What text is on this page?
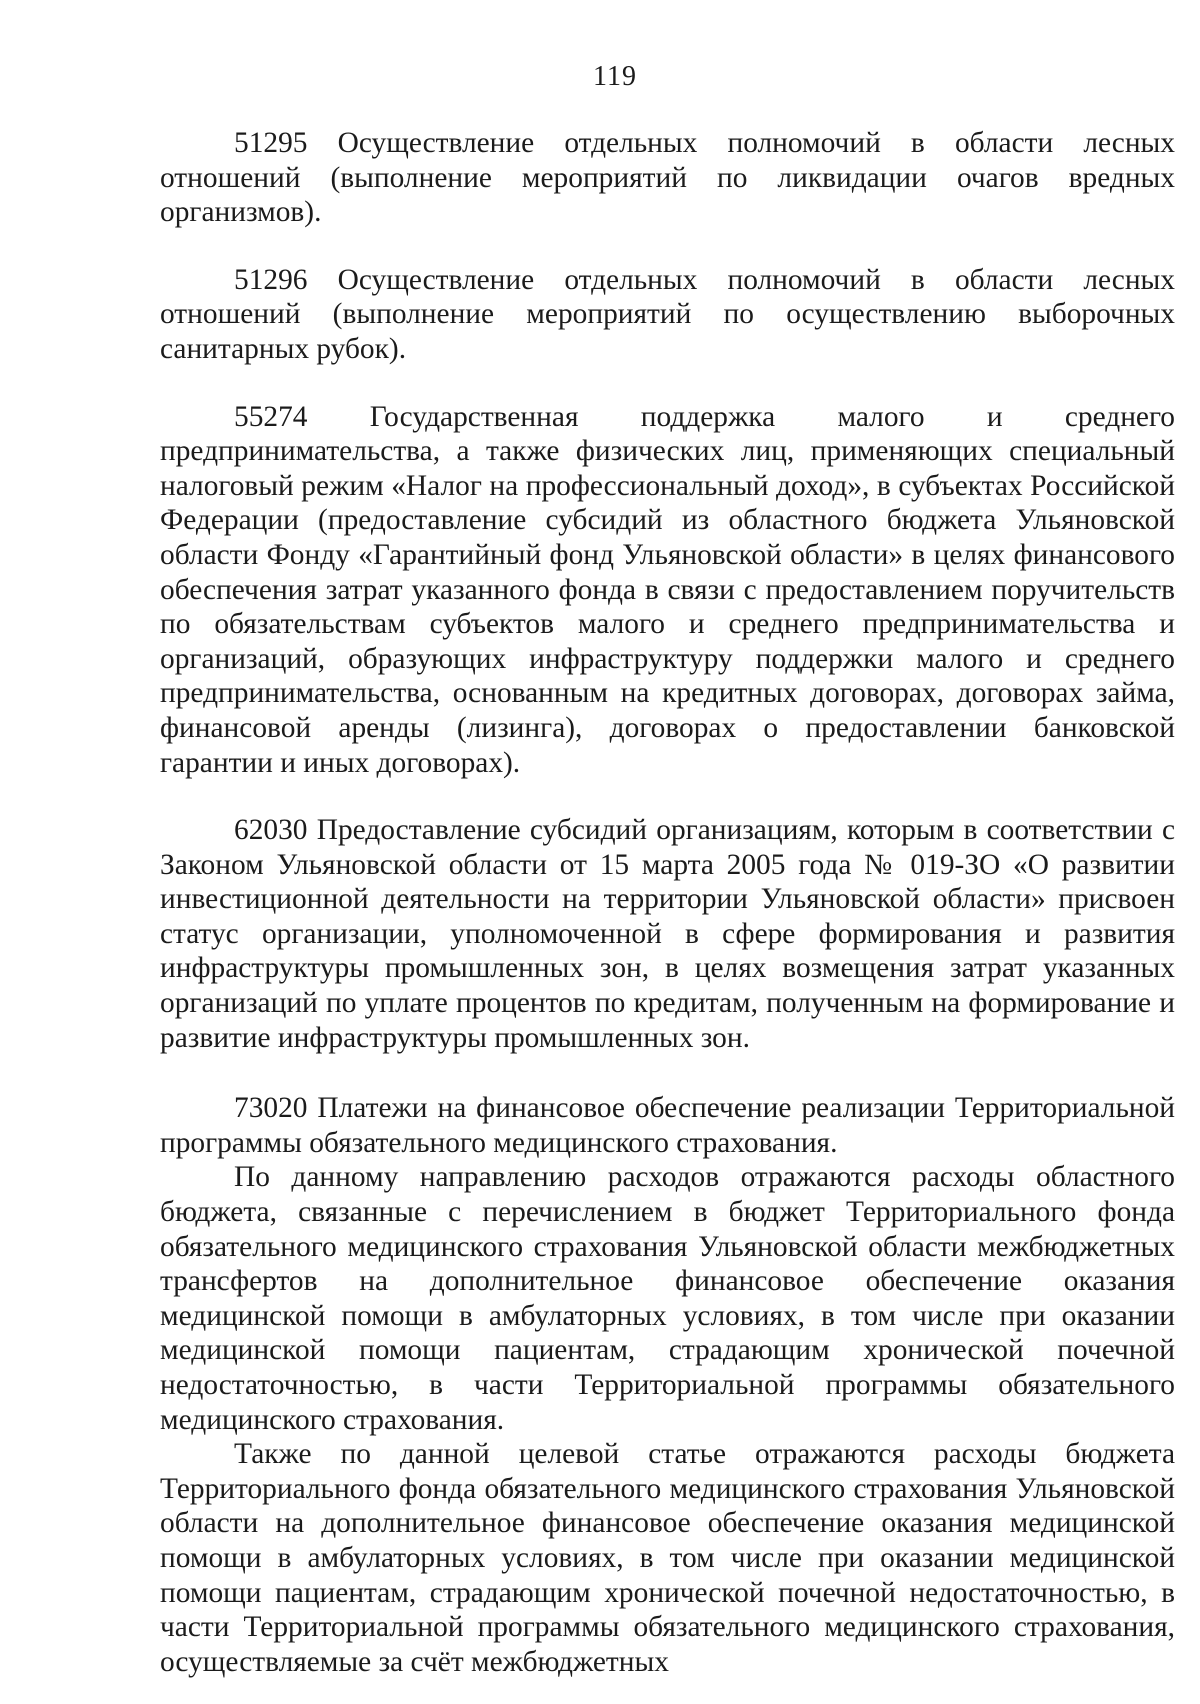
119

51295 Осуществление отдельных полномочий в области лесных отношений (выполнение мероприятий по ликвидации очагов вредных организмов).

51296 Осуществление отдельных полномочий в области лесных отношений (выполнение мероприятий по осуществлению выборочных санитарных рубок).

55274 Государственная поддержка малого и среднего предпринимательства, а также физических лиц, применяющих специальный налоговый режим «Налог на профессиональный доход», в субъектах Российской Федерации (предоставление субсидий из областного бюджета Ульяновской области Фонду «Гарантийный фонд Ульяновской области» в целях финансового обеспечения затрат указанного фонда в связи с предоставлением поручительств по обязательствам субъектов малого и среднего предпринимательства и организаций, образующих инфраструктуру поддержки малого и среднего предпринимательства, основанным на кредитных договорах, договорах займа, финансовой аренды (лизинга), договорах о предоставлении банковской гарантии и иных договорах).

62030 Предоставление субсидий организациям, которым в соответствии с Законом Ульяновской области от 15 марта 2005 года № 019-ЗО «О развитии инвестиционной деятельности на территории Ульяновской области» присвоен статус организации, уполномоченной в сфере формирования и развития инфраструктуры промышленных зон, в целях возмещения затрат указанных организаций по уплате процентов по кредитам, полученным на формирование и развитие инфраструктуры промышленных зон.

73020 Платежи на финансовое обеспечение реализации Территориальной программы обязательного медицинского страхования.

По данному направлению расходов отражаются расходы областного бюджета, связанные с перечислением в бюджет Территориального фонда обязательного медицинского страхования Ульяновской области межбюджетных трансфертов на дополнительное финансовое обеспечение оказания медицинской помощи в амбулаторных условиях, в том числе при оказании медицинской помощи пациентам, страдающим хронической почечной недостаточностью, в части Территориальной программы обязательного медицинского страхования.

Также по данной целевой статье отражаются расходы бюджета Территориального фонда обязательного медицинского страхования Ульяновской области на дополнительное финансовое обеспечение оказания медицинской помощи в амбулаторных условиях, в том числе при оказании медицинской помощи пациентам, страдающим хронической почечной недостаточностью, в части Территориальной программы обязательного медицинского страхования, осуществляемые за счёт межбюджетных
